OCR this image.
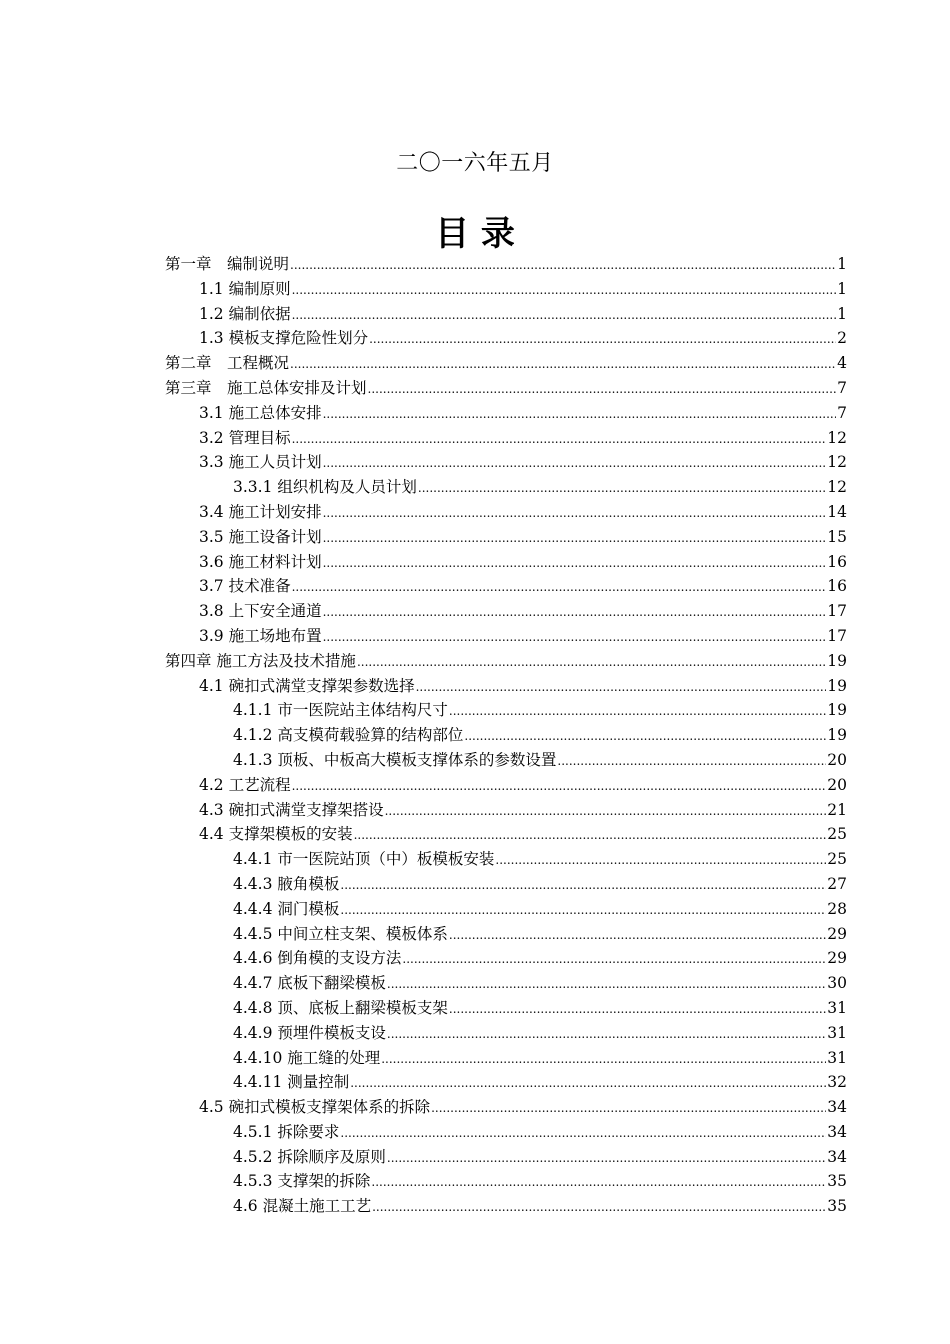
二〇一六年五月
目 录
第一章　编制说明 .....	1
1.1 编制原则 .....	1
1.2 编制依据 .....	1
1.3 模板支撑危险性划分 .....	2
第二章　工程概况 .....	4
第三章　施工总体安排及计划 .....	7
3.1 施工总体安排 .....	7
3.2 管理目标 .....	12
3.3 施工人员计划 .....	12
3.3.1 组织机构及人员计划 .....	12
3.4 施工计划安排 .....	14
3.5 施工设备计划 .....	15
3.6 施工材料计划 .....	16
3.7 技术准备 .....	16
3.8 上下安全通道 .....	17
3.9 施工场地布置 .....	17
第四章 施工方法及技术措施 .....	19
4.1 碗扣式满堂支撑架参数选择 .....	19
4.1.1 市一医院站主体结构尺寸 .....	19
4.1.2 高支模荷载验算的结构部位 .....	19
4.1.3 顶板、中板高大模板支撑体系的参数设置 .....	20
4.2 工艺流程 .....	20
4.3 碗扣式满堂支撑架搭设 .....	21
4.4 支撑架模板的安装 .....	25
4.4.1 市一医院站顶（中）板模板安装 .....	25
4.4.3 腋角模板 .....	27
4.4.4 洞门模板 .....	28
4.4.5 中间立柱支架、模板体系 .....	29
4.4.6 倒角模的支设方法 .....	29
4.4.7 底板下翻梁模板 .....	30
4.4.8 顶、底板上翻梁模板支架 .....	31
4.4.9 预埋件模板支设 .....	31
4.4.10 施工缝的处理 .....	31
4.4.11 测量控制 .....	32
4.5 碗扣式模板支撑架体系的拆除 .....	34
4.5.1 拆除要求 .....	34
4.5.2 拆除顺序及原则 .....	34
4.5.3 支撑架的拆除 .....	35
4.6 混凝土施工工艺 .....	35
